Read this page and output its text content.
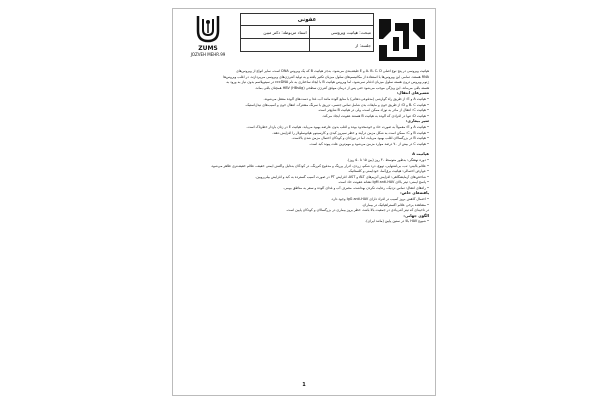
ZUMS
JOZVEH MEHR.99
عفونی	
استاد مربوطه: دکتر مبین	مبحث: هپاتیت ویروسی
	جلسه: از

هپاتیت ویروسی در پنج نوع اصلی A، B، C، D و E طبقه‌بندی می‌شود. به‌جز هپاتیت B که یک ویروس DNA است، سایر انواع از ویروس‌های

RNA هستند. تمامی این ویروس‌ها با استفاده از مکانیسم‌های سلول میزبان تکثیر یافته و به تولید آنتی‌ژن‌های ویروسی می‌پردازند. در اغلب ویروس‌ها

ژنوم ویروس درون هسته سلول میزبان ادغام نمی‌شود، اما ویروس هپاتیت B با ایجاد ساختاری به نام cccDNA در سیتوپلاسم بدون نیاز به ورود به

هسته باقی می‌ماند. این ویژگی موجب می‌شود حتی پس از درمان موفق آنتی‌ژن سطحی (HBsAg) HBV همچنان باقی بماند.

مسیرهای انتقال:

• هپاتیت A و E: از طریق راه گوارشی (مدفوعی-دهانی) با منابع آلوده مانند آب، غذا و دست‌های آلوده منتقل می‌شوند.

• هپاتیت B، C و D: از طریق خون و مایعات بدن شامل تماس جنسی، تزریق با سرنگ مشترک، انتقال خون و آسیب‌های نیدل‌استیک.

• هپاتیت C: انتقال از مادر به نوزاد ممکن است، ولی در هپاتیت B شایع‌تر است.

• هپاتیت D: تنها در افرادی که آلوده به هپاتیت B هستند عفونت ایجاد می‌کند.

سیر بیماری:

• هپاتیت A و E: معمولاً به صورت حاد و خودمحدود بوده و اغلب بدون عارضه بهبود می‌یابد. هپاتیت E در زنان باردار خطرناک است.

• هپاتیت B و C: ممکن است به شکل مزمن درآیند و خطر سیروز کبدی و کارسینوم هپاتوسلولار را افزایش دهند.

• هپاتیت B در بزرگسالان اغلب بهبود می‌یابد، اما در نوزادان و کودکان احتمال مزمن شدن بالاست.

• هپاتیت C در بیش از ۷۰ درصد موارد مزمن می‌شود و مهم‌ترین علت پیوند کبد است.

هپاتیت A

• دوره نهفتگی: به‌طور متوسط ۳۰ روز (بین ۱۵ تا ۵۰ روز).

• علائم بالینی: تب، بی‌اشتهایی، تهوع، درد شکم، زردی، ادرار پررنگ و مدفوع کم‌رنگ، در کودکان به‌دلیل واکنش ایمنی خفیف، علائم خفیف‌تری ظاهر می‌شود.

• عوارض احتمالی: هپاتیت برق‌آسا، خودایمنی و کلستاتیک.

• شاخص‌های آزمایشگاهی: افزایش آنزیم‌های ALT و AST، افزایش PT در صورت آسیب گسترده به کبد و افزایش بیلی‌روبین.

• پاسخ ایمنی: تیتر بالای IgM anti-HAV نشانه عفونت حاد است.

• راه‌های انتقال: تماس نزدیک، رعایت نکردن بهداشت، مصرف آب و غذای آلوده و سفر به مناطق بومی.

یافته‌های خاص:

• احتمال کاهش بروز آسیب در افراد دارای IgG anti-HAV وجود دارد.

• مشاهده برخی علائم اکستراهپاتیک در بیماران.

در ناحیه‌ای که تیتر آنتی‌بادی در جمعیت بالا باشد، خطر بروز بیماری در بزرگسالان و کودکان پایین است.

الگوی جهانی:

• شیوع HAV بالا در سنین پایین (مانند ایران).

1
